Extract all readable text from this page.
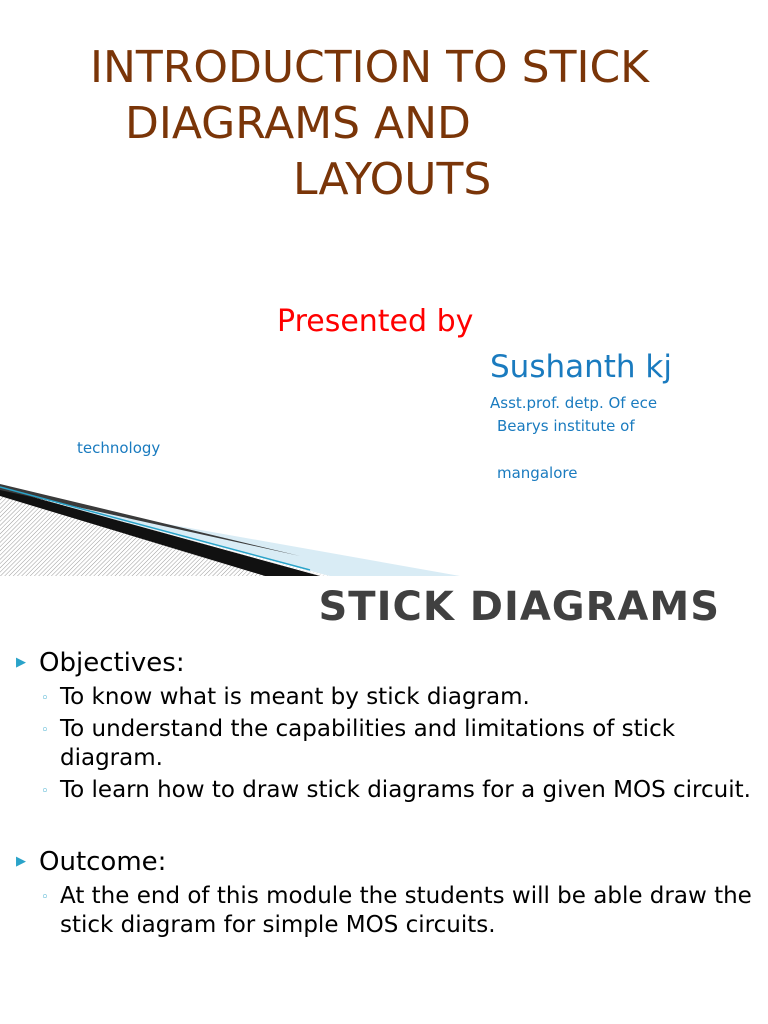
INTRODUCTION TO STICK
DIAGRAMS AND
LAYOUTS
Presented by
Sushanth kj
Asst.prof. detp. Of ece
Bearys institute of
technology
mangalore
STICK DIAGRAMS
▶ Objectives:
◦ To know what is meant by stick diagram.
◦ To understand the capabilities and limitations of stick diagram.
◦ To learn how to draw stick diagrams for a given MOS circuit.
▶ Outcome:
◦ At the end of this module the students will be able draw the stick diagram for simple MOS circuits.
